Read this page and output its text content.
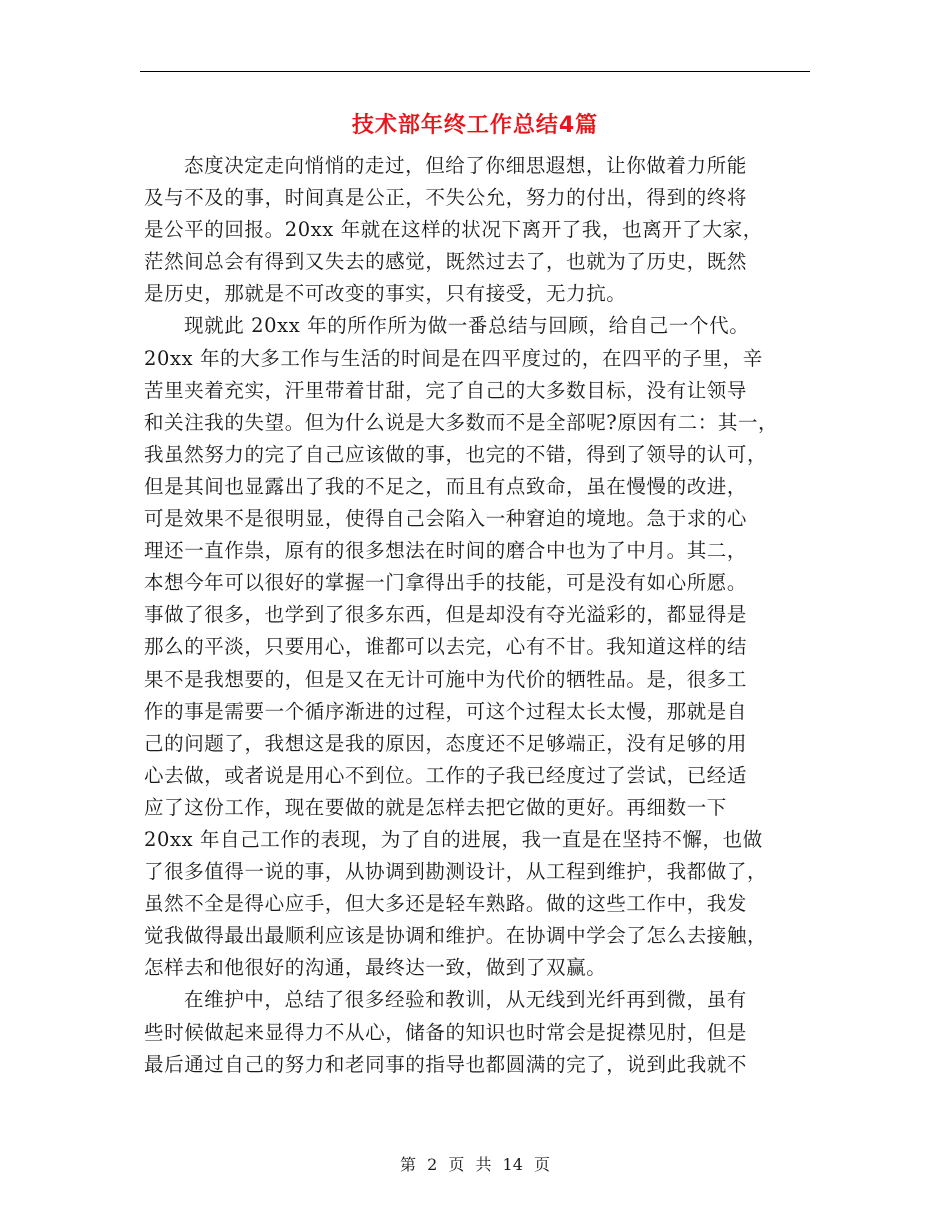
技术部年终工作总结4篇
态度决定走向悄悄的走过，但给了你细思遐想，让你做着力所能
及与不及的事，时间真是公正，不失公允，努力的付出，得到的终将
是公平的回报。20xx 年就在这样的状况下离开了我，也离开了大家，
茫然间总会有得到又失去的感觉，既然过去了，也就为了历史，既然
是历史，那就是不可改变的事实，只有接受，无力抗。
现就此 20xx 年的所作所为做一番总结与回顾，给自己一个代。
20xx 年的大多工作与生活的时间是在四平度过的，在四平的子里，辛
苦里夹着充实，汗里带着甘甜，完了自己的大多数目标，没有让领导
和关注我的失望。但为什么说是大多数而不是全部呢?原因有二：其一，
我虽然努力的完了自己应该做的事，也完的不错，得到了领导的认可，
但是其间也显露出了我的不足之，而且有点致命，虽在慢慢的改进，
可是效果不是很明显，使得自己会陷入一种窘迫的境地。急于求的心
理还一直作祟，原有的很多想法在时间的磨合中也为了中月。其二，
本想今年可以很好的掌握一门拿得出手的技能，可是没有如心所愿。
事做了很多，也学到了很多东西，但是却没有夺光溢彩的，都显得是
那么的平淡，只要用心，谁都可以去完，心有不甘。我知道这样的结
果不是我想要的，但是又在无计可施中为代价的牺牲品。是，很多工
作的事是需要一个循序渐进的过程，可这个过程太长太慢，那就是自
己的问题了，我想这是我的原因，态度还不足够端正，没有足够的用
心去做，或者说是用心不到位。工作的子我已经度过了尝试，已经适
应了这份工作，现在要做的就是怎样去把它做的更好。再细数一下
20xx 年自己工作的表现，为了自的进展，我一直是在坚持不懈，也做
了很多值得一说的事，从协调到勘测设计，从工程到维护，我都做了，
虽然不全是得心应手，但大多还是轻车熟路。做的这些工作中，我发
觉我做得最出最顺利应该是协调和维护。在协调中学会了怎么去接触，
怎样去和他很好的沟通，最终达一致，做到了双赢。
在维护中，总结了很多经验和教训，从无线到光纤再到微，虽有
些时候做起来显得力不从心，储备的知识也时常会是捉襟见肘，但是
最后通过自己的努力和老同事的指导也都圆满的完了，说到此我就不
第 2 页 共 14 页
